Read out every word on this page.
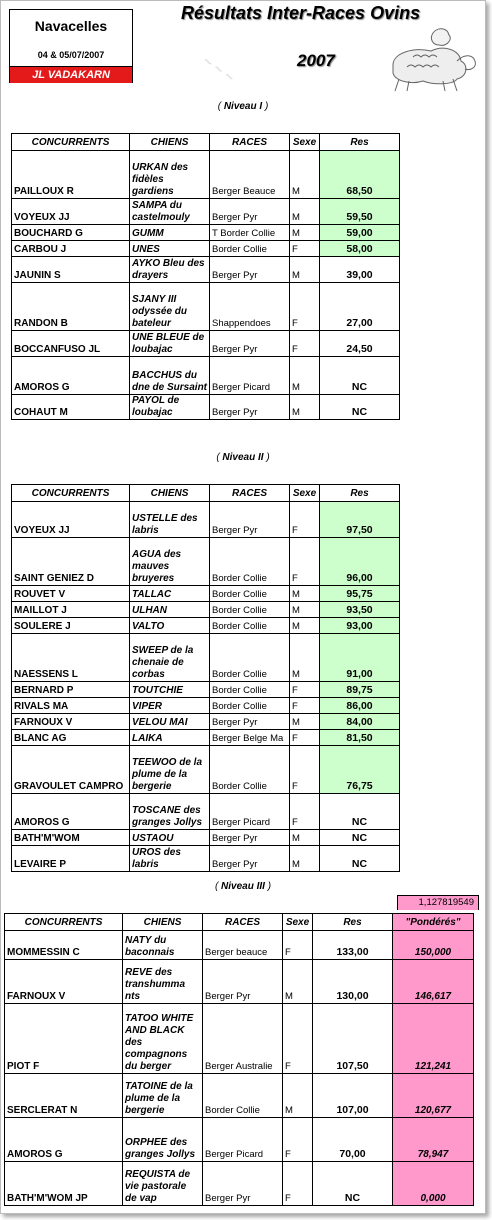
~ ~ ~
Navacelles
04 & 05/07/2007
JL VADAKARN
Résultats Inter-Races Ovins
2007
( Niveau I )
CONCURRENTS	CHIENS	RACES	Sexe	Res
PAILLOUX R	URKAN des fidèles gardiens	Berger Beauce	M	68,50
VOYEUX JJ	SAMPA du castelmouly	Berger Pyr	M	59,50
BOUCHARD G	GUMM	T Border Collie	M	59,00
CARBOU J	UNES	Border Collie	F	58,00
JAUNIN S	AYKO Bleu des drayers	Berger Pyr	M	39,00
RANDON B	SJANY III odyssée du bateleur	Shappendoes	F	27,00
BOCCANFUSO JL	UNE BLEUE de loubajac	Berger Pyr	F	24,50
AMOROS G	BACCHUS du dne de Sursaint	Berger Picard	M	NC
COHAUT M	PAYOL de loubajac	Berger Pyr	M	NC
( Niveau II )
CONCURRENTS	CHIENS	RACES	Sexe	Res
VOYEUX JJ	USTELLE des labris	Berger Pyr	F	97,50
SAINT GENIEZ D	AGUA des mauves bruyeres	Border Collie	F	96,00
ROUVET V	TALLAC	Border Collie	M	95,75
MAILLOT J	ULHAN	Border Collie	M	93,50
SOULERE J	VALTO	Border Collie	M	93,00
NAESSENS L	SWEEP de la chenaie de corbas	Border Collie	M	91,00
BERNARD P	TOUTCHIE	Border Collie	F	89,75
RIVALS MA	VIPER	Border Collie	F	86,00
FARNOUX V	VELOU MAI	Berger Pyr	M	84,00
BLANC AG	LAIKA	Berger Belge Ma	F	81,50
GRAVOULET CAMPRO	TEEWOO de la plume de la bergerie	Border Collie	F	76,75
AMOROS G	TOSCANE des granges Jollys	Berger Picard	F	NC
BATH'M'WOM	USTAOU	Berger Pyr	M	NC
LEVAIRE P	UROS des labris	Berger Pyr	M	NC
( Niveau III )
1,127819549
CONCURRENTS	CHIENS	RACES	Sexe	Res	"Pondérés"
MOMMESSIN C	NATY du baconnais	Berger beauce	F	133,00	150,000
FARNOUX V	REVE des transhumma nts	Berger Pyr	M	130,00	146,617
PIOT F	TATOO WHITE AND BLACK des compagnons du berger	Berger Australie	F	107,50	121,241
SERCLERAT N	TATOINE de la plume de la bergerie	Border Collie	M	107,00	120,677
AMOROS G	ORPHEE des granges Jollys	Berger Picard	F	70,00	78,947
BATH'M'WOM JP	REQUISTA de vie pastorale de vap	Berger Pyr	F	NC	0,000
